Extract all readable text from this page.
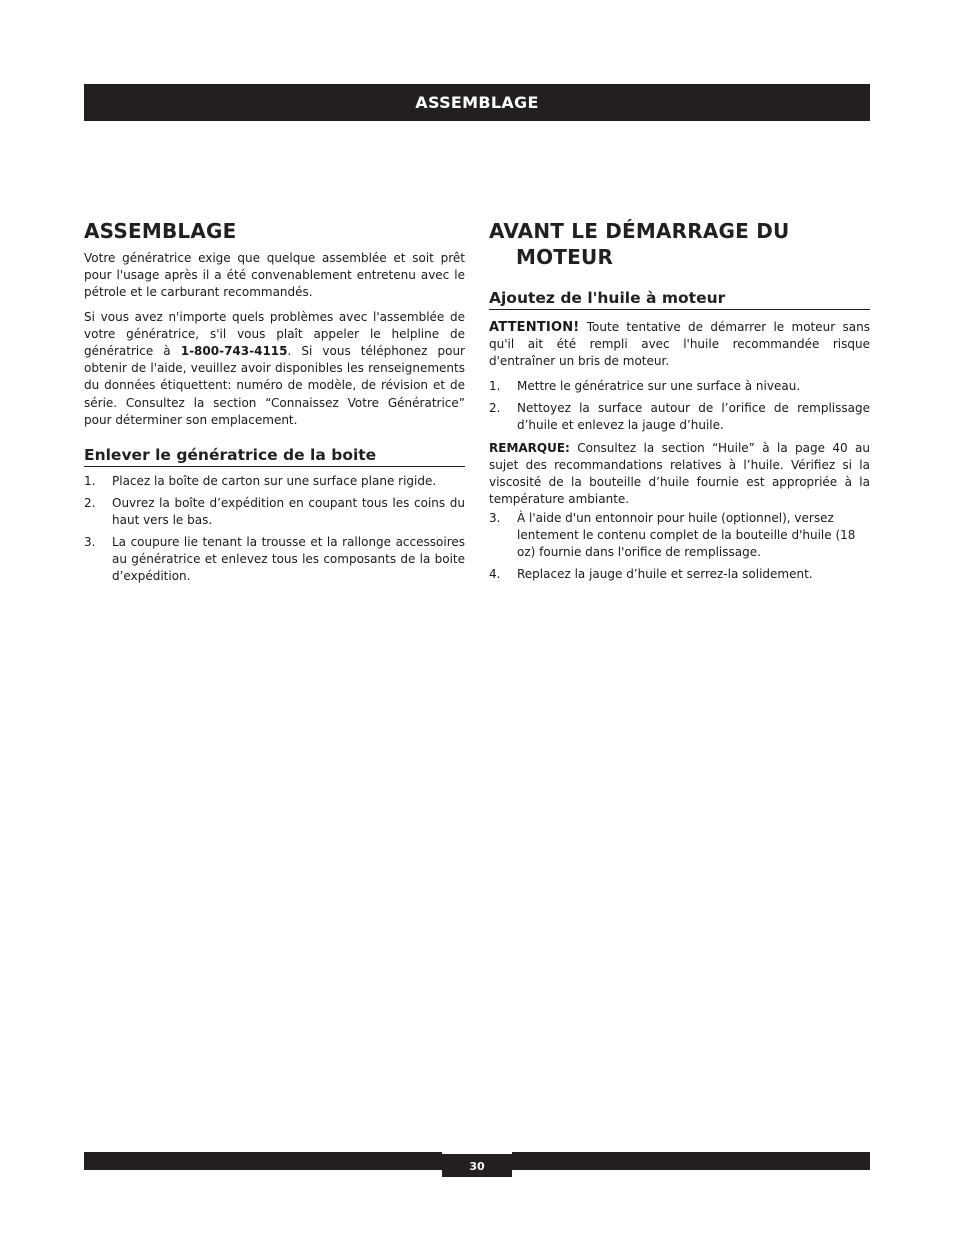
ASSEMBLAGE
ASSEMBLAGE

Votre génératrice exige que quelque assemblée et soit prêt pour l'usage après il a été convenablement entretenu avec le pétrole et le carburant recommandés.

Si vous avez n'importe quels problèmes avec l'assemblée de votre génératrice, s'il vous plaît appeler le helpline de génératrice à 1-800-743-4115. Si vous téléphonez pour obtenir de l'aide, veuillez avoir disponibles les renseignements du données étiquettent: numéro de modèle, de révision et de série. Consultez la section “Connaissez Votre Génératrice” pour déterminer son emplacement.

Enlever le génératrice de la boite
1.	Placez la boîte de carton sur une surface plane rigide.
2.	Ouvrez la boîte d’expédition en coupant tous les coins du haut vers le bas.
3.	La coupure lie tenant la trousse et la rallonge accessoires au génératrice et enlevez tous les composants de la boite d’expédition.
AVANT LE DÉMARRAGE DU MOTEUR
Ajoutez de l'huile à moteur

ATTENTION! Toute tentative de démarrer le moteur sans qu'il ait été rempli avec l'huile recommandée risque d'entraîner un bris de moteur.

1.	Mettre le génératrice sur une surface à niveau.
2.	Nettoyez la surface autour de l’orifice de remplissage d’huile et enlevez la jauge d’huile.

REMARQUE: Consultez la section “Huile” à la page 40 au sujet des recommandations relatives à l’huile. Vérifiez si la viscosité de la bouteille d’huile fournie est appropriée à la température ambiante.

3.	À l'aide d'un entonnoir pour huile (optionnel), versez lentement le contenu complet de la bouteille d'huile (18 oz) fournie dans l'orifice de remplissage.
4.	Replacez la jauge d’huile et serrez-la solidement.
30
